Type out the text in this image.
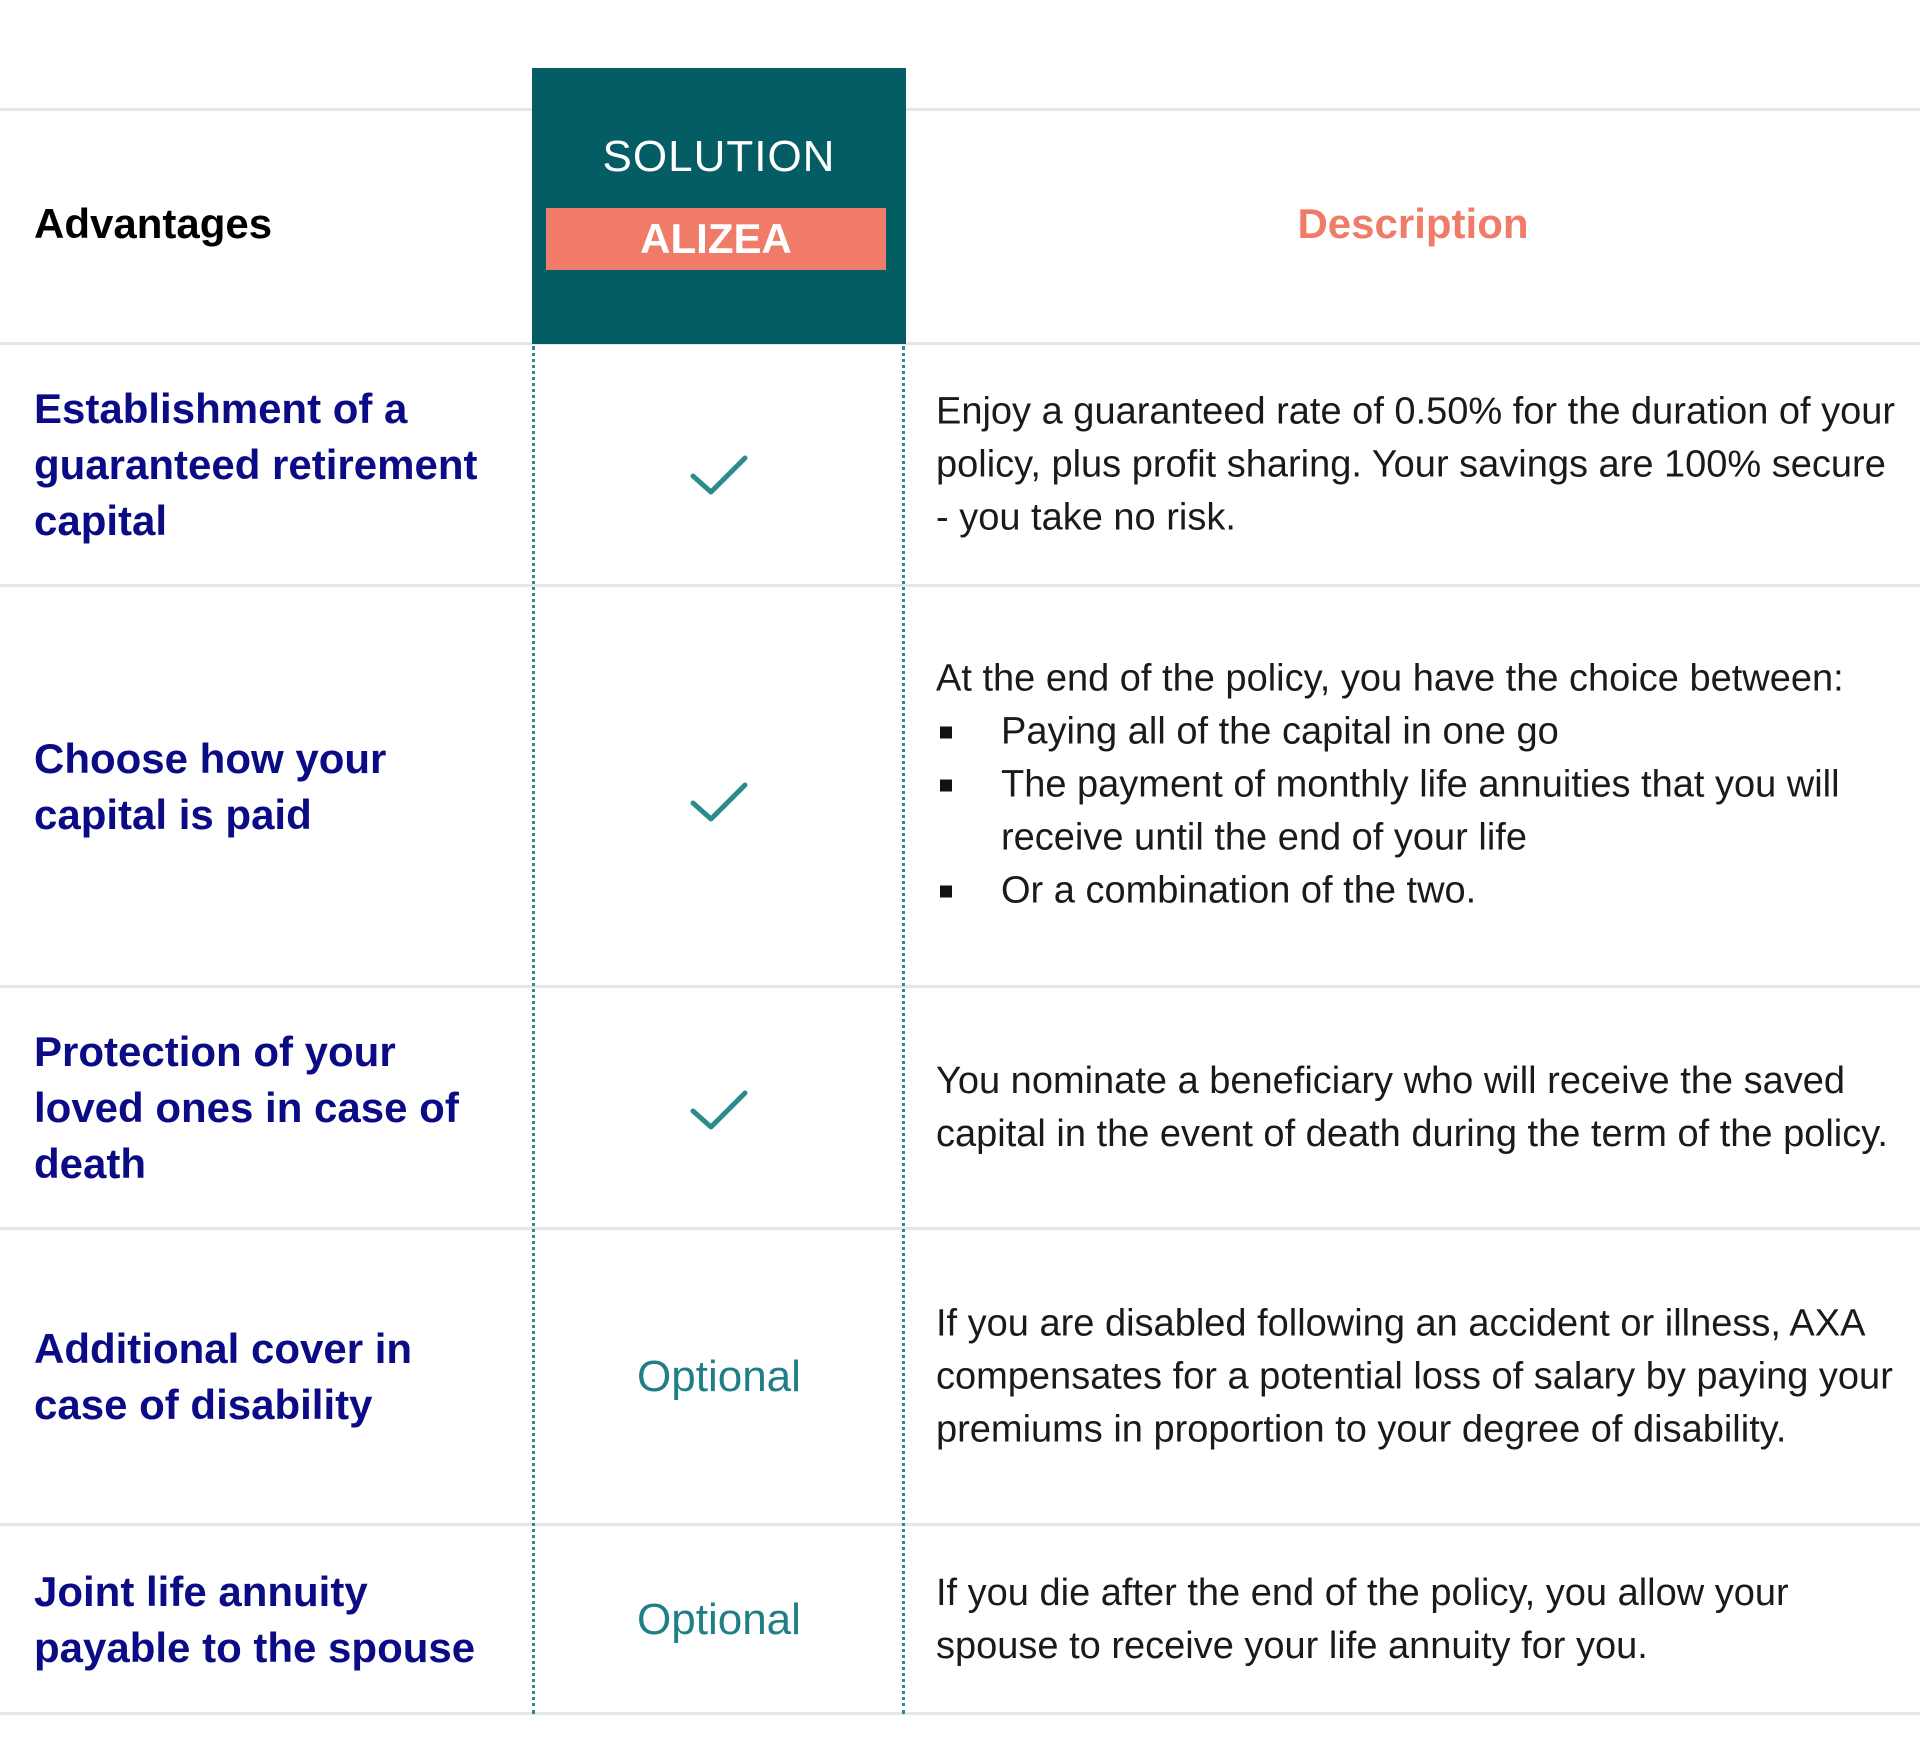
SOLUTION
ALIZEA
Advantages	Description
Establishment of a guaranteed retirement capital
Enjoy a guaranteed rate of 0.50% for the duration of your policy, plus profit sharing. Your savings are 100% secure - you take no risk.
Choose how your capital is paid
At the end of the policy, you have the choice between:
Paying all of the capital in one go
The payment of monthly life annuities that you will receive until the end of your life
Or a combination of the two.
Protection of your loved ones in case of death
You nominate a beneficiary who will receive the saved capital in the event of death during the term of the policy.
Additional cover in case of disability
Optional
If you are disabled following an accident or illness, AXA compensates for a potential loss of salary by paying your premiums in proportion to your degree of disability.
Joint life annuity payable to the spouse
Optional
If you die after the end of the policy, you allow your spouse to receive your life annuity for you.
